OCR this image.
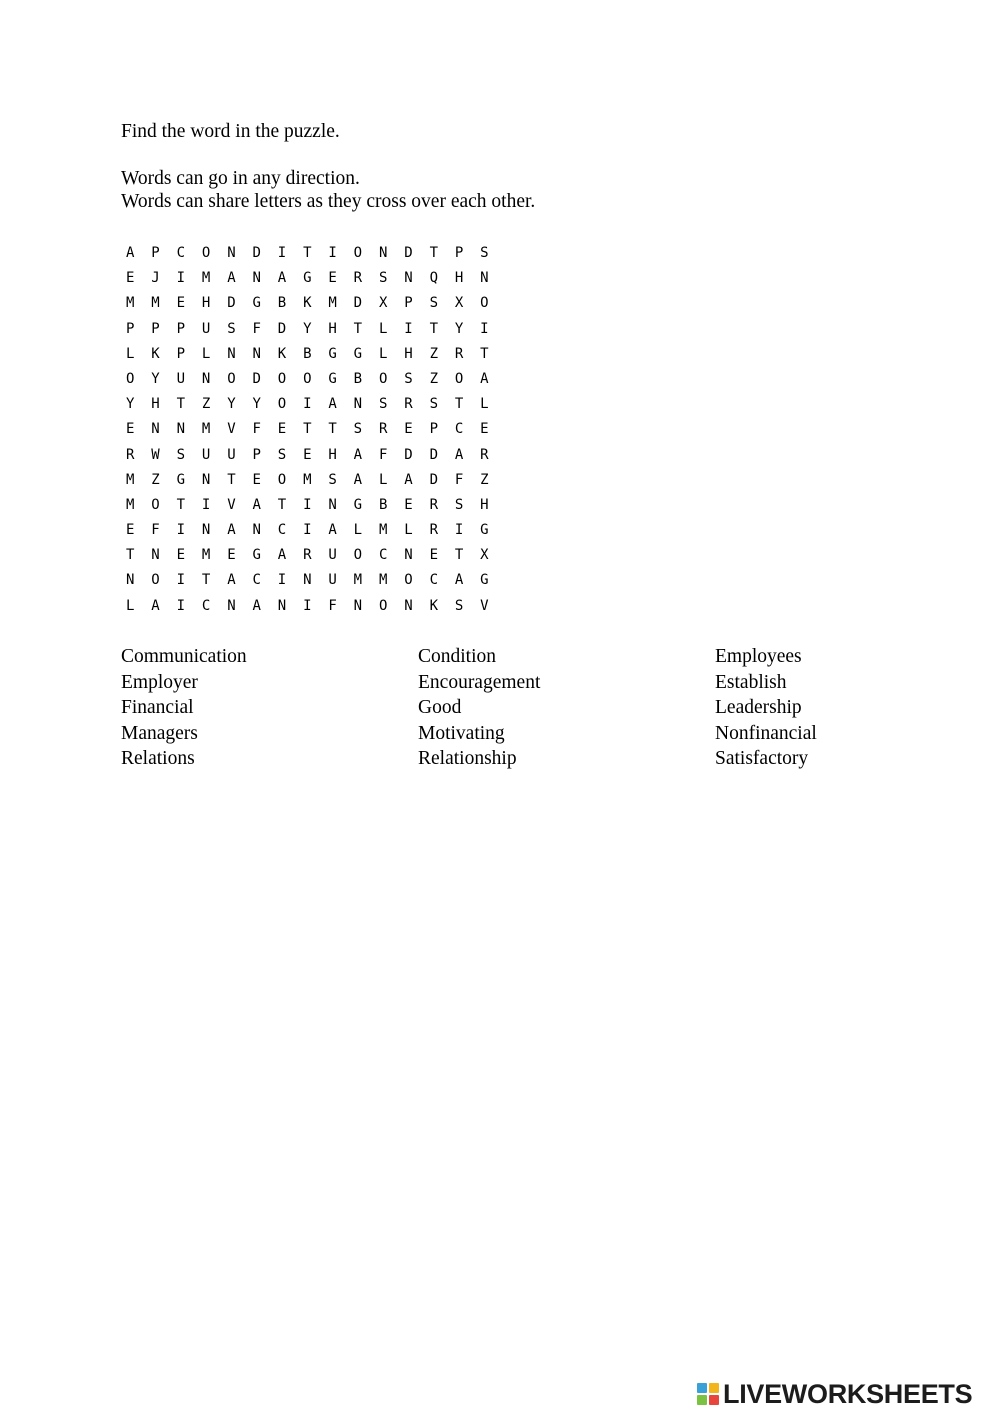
Find the word in the puzzle.

Words can go in any direction.

Words can share letters as they cross over each other.

A	P	C	O	N	D	I	T	I	O	N	D	T	P	S
E	J	I	M	A	N	A	G	E	R	S	N	Q	H	N
M	M	E	H	D	G	B	K	M	D	X	P	S	X	O
P	P	P	U	S	F	D	Y	H	T	L	I	T	Y	I
L	K	P	L	N	N	K	B	G	G	L	H	Z	R	T
O	Y	U	N	O	D	O	O	G	B	O	S	Z	O	A
Y	H	T	Z	Y	Y	O	I	A	N	S	R	S	T	L
E	N	N	M	V	F	E	T	T	S	R	E	P	C	E
R	W	S	U	U	P	S	E	H	A	F	D	D	A	R
M	Z	G	N	T	E	O	M	S	A	L	A	D	F	Z
M	O	T	I	V	A	T	I	N	G	B	E	R	S	H
E	F	I	N	A	N	C	I	A	L	M	L	R	I	G
T	N	E	M	E	G	A	R	U	O	C	N	E	T	X
N	O	I	T	A	C	I	N	U	M	M	O	C	A	G
L	A	I	C	N	A	N	I	F	N	O	N	K	S	V
Communication	Condition	Employees
Employer	Encouragement	Establish
Financial	Good	Leadership
Managers	Motivating	Nonfinancial
Relations	Relationship	Satisfactory
LIVEWORKSHEETS
